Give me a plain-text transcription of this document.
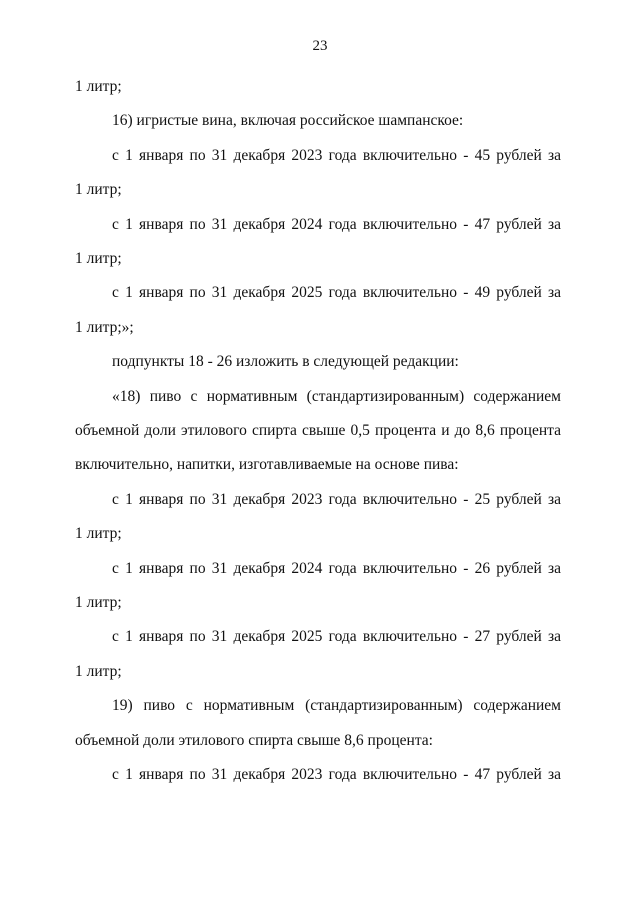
23
1 литр;
16) игристые вина, включая российское шампанское:
с 1 января по 31 декабря 2023 года включительно - 45 рублей за
1 литр;
с 1 января по 31 декабря 2024 года включительно - 47 рублей за
1 литр;
с 1 января по 31 декабря 2025 года включительно - 49 рублей за
1 литр;»;
подпункты 18 - 26 изложить в следующей редакции:
«18) пиво с нормативным (стандартизированным) содержанием
объемной доли этилового спирта свыше 0,5 процента и до 8,6 процента
включительно, напитки, изготавливаемые на основе пива:
с 1 января по 31 декабря 2023 года включительно - 25 рублей за
1 литр;
с 1 января по 31 декабря 2024 года включительно - 26 рублей за
1 литр;
с 1 января по 31 декабря 2025 года включительно - 27 рублей за
1 литр;
19) пиво с нормативным (стандартизированным) содержанием
объемной доли этилового спирта свыше 8,6 процента:
с 1 января по 31 декабря 2023 года включительно - 47 рублей за
